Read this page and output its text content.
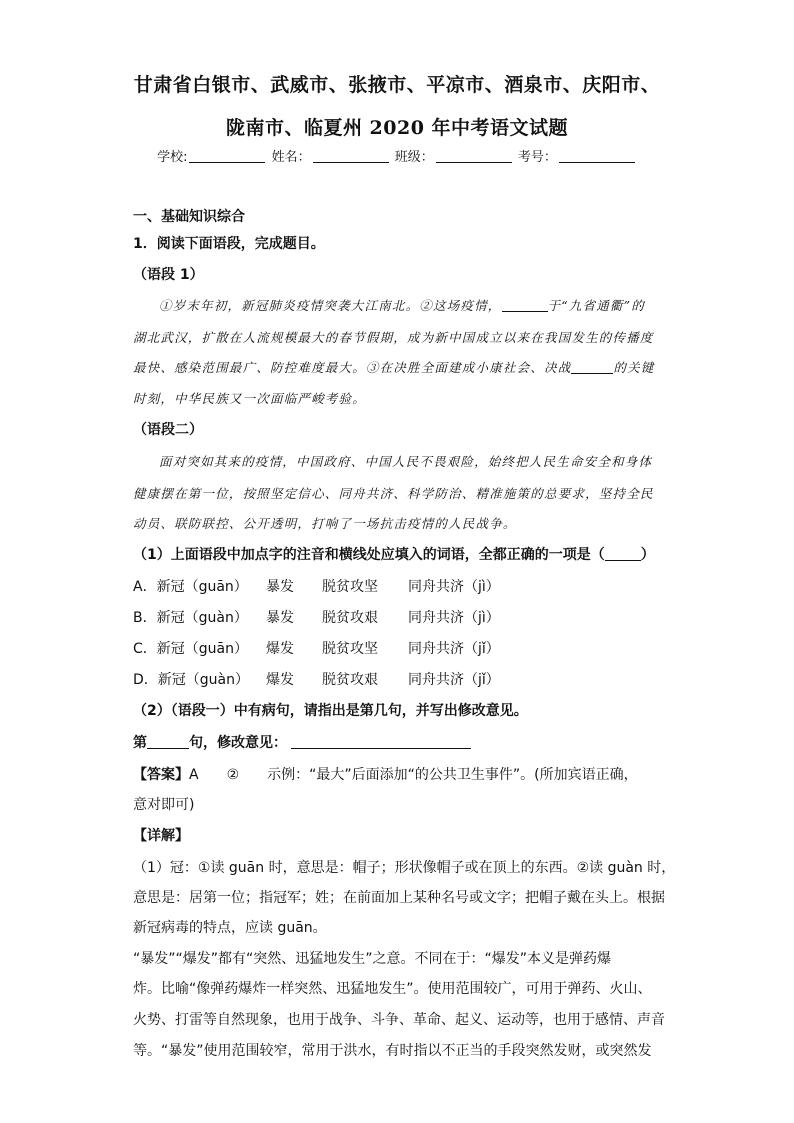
甘肃省白银市、武威市、张掖市、平凉市、酒泉市、庆阳市、
陇南市、临夏州 2020 年中考语文试题
学校:	姓名：	班级：	考号：
一、基础知识综合
1．阅读下面语段，完成题目。
（语段 1）
①岁末年初，新冠肺炎疫情突袭大江南北。②这场疫情，	于“九省通衢”的
湖北武汉，扩散在人流规模最大的春节假期，成为新中国成立以来在我国发生的传播度
最快、感染范围最广、防控难度最大。③在决胜全面建成小康社会、决战	的关键
时刻，中华民族又一次面临严峻考验。
（语段二）
面对突如其来的疫情，中国政府、中国人民不畏艰险，始终把人民生命安全和身体
健康摆在第一位，按照坚定信心、同舟共济、科学防治、精准施策的总要求，坚持全民
动员、联防联控、公开透明，打响了一场抗击疫情的人民战争。
（1）上面语段中加点字的注音和横线处应填入的词语，全都正确的一项是（	）
A．新冠（guān） 暴发 脱贫攻坚 同舟共济（jì）
B．新冠（guàn） 暴发 脱贫攻艰 同舟共济（jì）
C．新冠（guān） 爆发 脱贫攻坚 同舟共济（jǐ）
D．新冠（guàn） 爆发 脱贫攻艰 同舟共济（jǐ）
（2）（语段一）中有病句，请指出是第几句，并写出修改意见。
第	句，修改意见：
【答案】A　　②　　示例：“最大”后面添加“的公共卫生事件”。(所加宾语正确，
意对即可)
【详解】
（1）冠：①读 guān 时，意思是：帽子；形状像帽子或在顶上的东西。②读 guàn 时，
意思是：居第一位；指冠军；姓；在前面加上某种名号或文字；把帽子戴在头上。根据
新冠病毒的特点，应读 guān。
“暴发”“爆发”都有“突然、迅猛地发生”之意。不同在于：“爆发”本义是弹药爆
炸。比喻“像弹药爆炸一样突然、迅猛地发生”。使用范围较广，可用于弹药、火山、
火势、打雷等自然现象，也用于战争、斗争、革命、起义、运动等，也用于感情、声音
等。“暴发”使用范围较窄，常用于洪水，有时指以不正当的手段突然发财，或突然发
